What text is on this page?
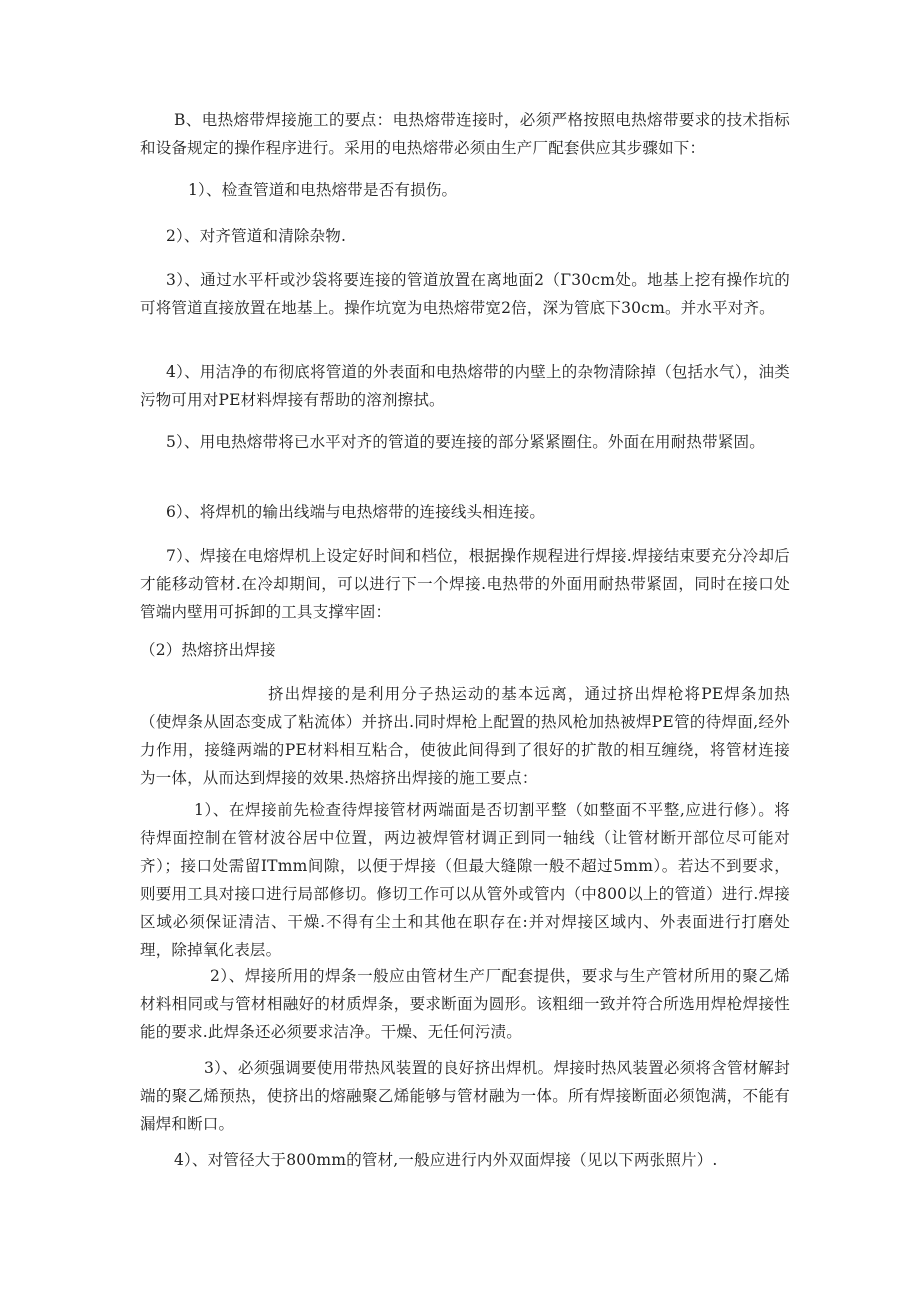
B、电热熔带焊接施工的要点：电热熔带连接时，必须严格按照电热熔带要求的技术指标和设备规定的操作程序进行。采用的电热熔带必须由生产厂配套供应其步骤如下：

1）、检查管道和电热熔带是否有损伤。

2）、对齐管道和清除杂物.

3）、通过水平杆或沙袋将要连接的管道放置在离地面2（Γ30cm处。地基上挖有操作坑的可将管道直接放置在地基上。操作坑宽为电热熔带宽2倍，深为管底下30cm。并水平对齐。

4）、用洁净的布彻底将管道的外表面和电热熔带的内壁上的杂物清除掉（包括水气），油类污物可用对PE材料焊接有帮助的溶剂擦拭。

5）、用电热熔带将已水平对齐的管道的要连接的部分紧紧圈住。外面在用耐热带紧固。

6）、将焊机的输出线端与电热熔带的连接线头相连接。

7）、焊接在电熔焊机上设定好时间和档位，根据操作规程进行焊接.焊接结束要充分冷却后才能移动管材.在冷却期间，可以进行下一个焊接.电热带的外面用耐热带紧固，同时在接口处管端内壁用可拆卸的工具支撑牢固：

（2）热熔挤出焊接

挤出焊接的是利用分子热运动的基本远离，通过挤出焊枪将PE焊条加热（使焊条从固态变成了粘流体）并挤出.同时焊枪上配置的热风枪加热被焊PE管的待焊面,经外力作用，接缝两端的PE材料相互粘合，使彼此间得到了很好的扩散的相互缠绕，将管材连接为一体，从而达到焊接的效果.热熔挤出焊接的施工要点：

1）、在焊接前先检查待焊接管材两端面是否切割平整（如整面不平整,应进行修）。将待焊面控制在管材波谷居中位置，两边被焊管材调正到同一轴线（让管材断开部位尽可能对齐）；接口处需留ITmm间隙，以便于焊接（但最大缝隙一般不超过5mm）。若达不到要求，则要用工具对接口进行局部修切。修切工作可以从管外或管内（中800以上的管道）进行.焊接区域必须保证清洁、干燥.不得有尘土和其他在职存在:并对焊接区域内、外表面进行打磨处理，除掉氧化表层。

2）、焊接所用的焊条一般应由管材生产厂配套提供，要求与生产管材所用的聚乙烯材料相同或与管材相融好的材质焊条，要求断面为圆形。该粗细一致并符合所选用焊枪焊接性能的要求.此焊条还必须要求洁净。干燥、无任何污渍。

3）、必须强调要使用带热风装置的良好挤出焊机。焊接时热风装置必须将含管材解封端的聚乙烯预热，使挤出的熔融聚乙烯能够与管材融为一体。所有焊接断面必须饱满，不能有漏焊和断口。

4）、对管径大于800mm的管材,一般应进行内外双面焊接（见以下两张照片）.
